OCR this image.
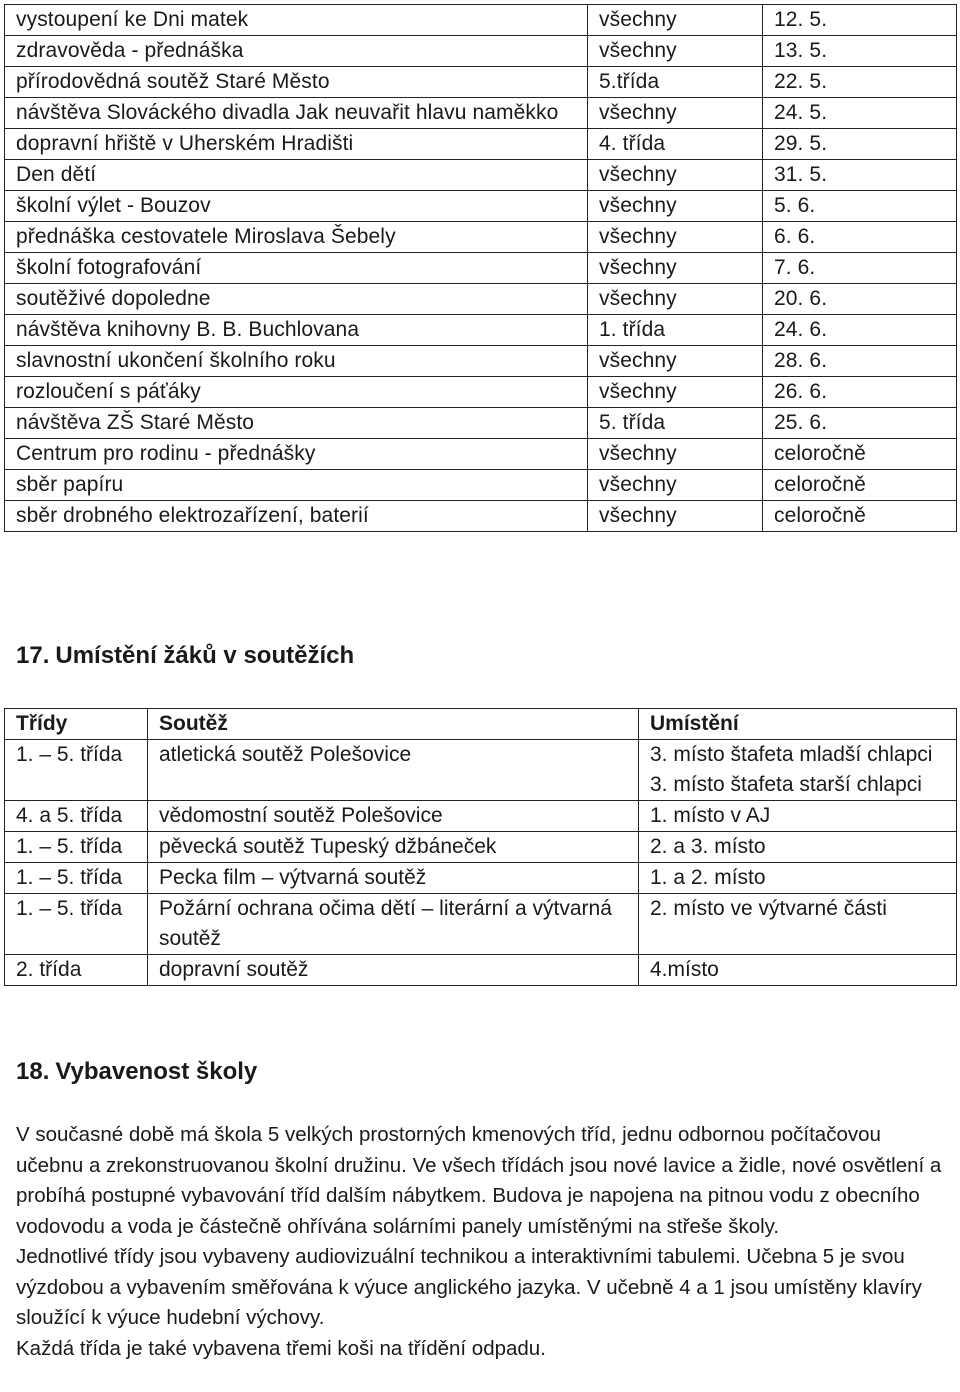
vystoupení ke Dni matek	všechny	12. 5.
zdravověda - přednáška	všechny	13. 5.
přírodovědná soutěž Staré Město	5.třída	22. 5.
návštěva Slováckého divadla Jak neuvařit hlavu naměkko	všechny	24. 5.
dopravní hřiště v Uherském Hradišti	4. třída	29. 5.
Den dětí	všechny	31. 5.
školní výlet - Bouzov	všechny	5. 6.
přednáška cestovatele Miroslava Šebely	všechny	6. 6.
školní fotografování	všechny	7. 6.
soutěživé dopoledne	všechny	20. 6.
návštěva knihovny B. B. Buchlovana	1. třída	24. 6.
slavnostní ukončení školního roku	všechny	28. 6.
rozloučení s páťáky	všechny	26. 6.
návštěva ZŠ Staré Město	5. třída	25. 6.
Centrum pro rodinu - přednášky	všechny	celoročně
sběr papíru	všechny	celoročně
sběr drobného elektrozařízení, baterií	všechny	celoročně
17. Umístění žáků v soutěžích
Třídy	Soutěž	Umístění
1. – 5. třída	atletická soutěž Polešovice	3. místo štafeta mladší chlapci
3. místo štafeta starší chlapci

4. a 5. třída	vědomostní soutěž Polešovice	1. místo v AJ

1. – 5. třída	pěvecká soutěž Tupeský džbáneček	2. a 3. místo

1. – 5. třída	Pecka film – výtvarná soutěž	1. a 2. místo

1. – 5. třída	Požární ochrana očima dětí – literární a výtvarná soutěž	2. místo ve výtvarné části

2. třída	dopravní soutěž	4.místo
18. Vybavenost školy

V současné době má škola 5 velkých prostorných kmenových tříd, jednu odbornou počítačovou učebnu a zrekonstruovanou školní družinu. Ve všech třídách jsou nové lavice a židle, nové osvětlení a probíhá postupné vybavování tříd dalším nábytkem. Budova je napojena na pitnou vodu z obecního vodovodu a voda je částečně ohřívána solárními panely umístěnými na střeše školy.

Jednotlivé třídy jsou vybaveny audiovizuální technikou a interaktivními tabulemi. Učebna 5 je svou výzdobou a vybavením směřována k výuce anglického jazyka. V učebně 4 a 1 jsou umístěny klavíry sloužící k výuce hudební výchovy.

Každá třída je také vybavena třemi koši na třídění odpadu.
